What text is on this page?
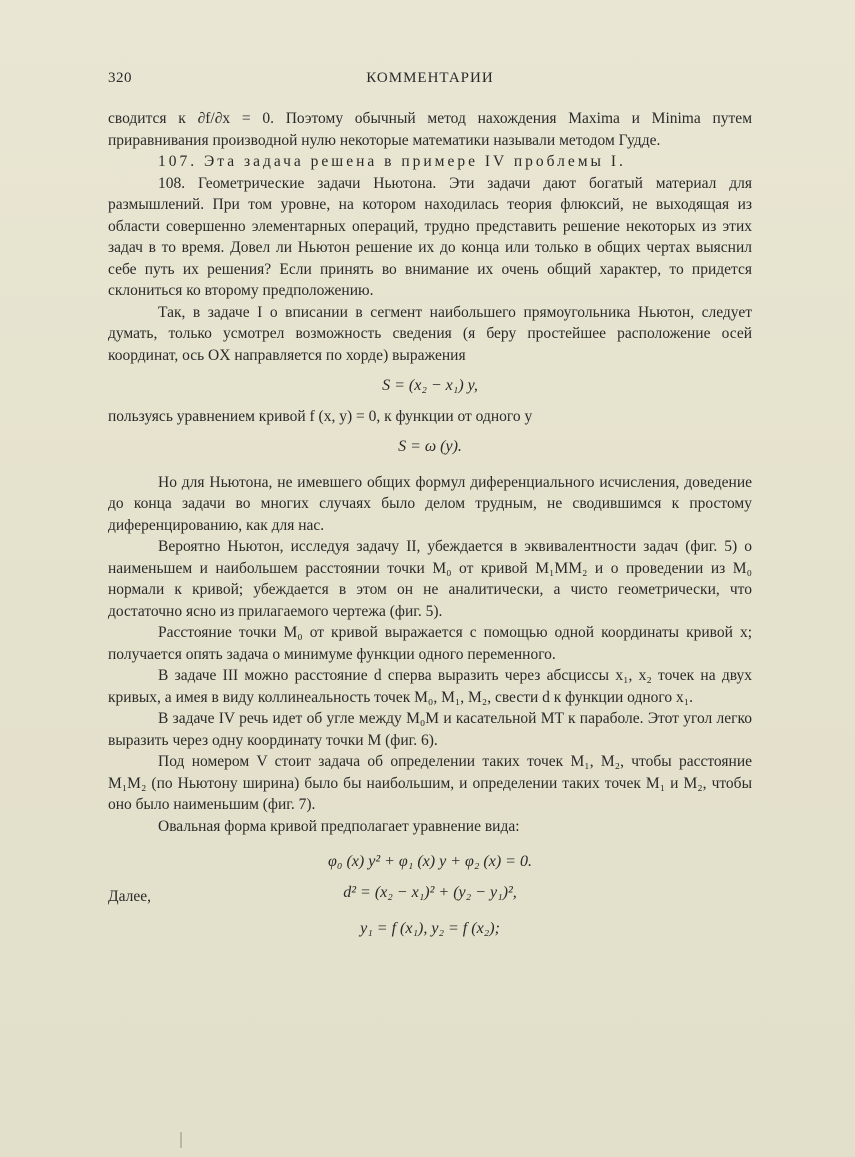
320	КОММЕНТАРИИ

сводится к ∂f/∂x = 0. Поэтому обычный метод нахождения Maxima и Minima путем приравнивания производной нулю некоторые математики называли методом Гудде.

107. Эта задача решена в примере IV проблемы I.

108. Геометрические задачи Ньютона. Эти задачи дают богатый материал для размышлений. При том уровне, на котором находилась теория флюксий, не выходящая из области совершенно элементарных операций, трудно представить решение некоторых из этих задач в то время. Довел ли Ньютон решение их до конца или только в общих чертах выяснил себе путь их решения? Если принять во внимание их очень общий характер, то придется склониться ко второму предположению.

Так, в задаче I о вписании в сегмент наибольшего прямоугольника Ньютон, следует думать, только усмотрел возможность сведения (я беру простейшее расположение осей координат, ось OX направляется по хорде) выражения

S = (x₂ − x₁) y,

пользуясь уравнением кривой f (x, y) = 0, к функции от одного y

S = ω (y).

Но для Ньютона, не имевшего общих формул диференциального исчисления, доведение до конца задачи во многих случаях было делом трудным, не сводившимся к простому диференцированию, как для нас.

Вероятно Ньютон, исследуя задачу II, убеждается в эквивалентности задач (фиг. 5) о наименьшем и наибольшем расстоянии точки M₀ от кривой M₁MM₂ и о проведении из M₀ нормали к кривой; убеждается в этом он не аналитически, а чисто геометрически, что достаточно ясно из прилагаемого чертежа (фиг. 5).

Расстояние точки M₀ от кривой выражается с помощью одной координаты кривой x; получается опять задача о минимуме функции одного переменного.

В задаче III можно расстояние d сперва выразить через абсциссы x₁, x₂ точек на двух кривых, а имея в виду коллинеальность точек M₀, M₁, M₂, свести d к функции одного x₁.

В задаче IV речь идет об угле между M₀M и касательной MT к параболе. Этот угол легко выразить через одну координату точки M (фиг. 6).

Под номером V стоит задача об определении таких точек M₁, M₂, чтобы расстояние M₁M₂ (по Ньютону ширина) было бы наибольшим, и определении таких точек M₁ и M₂, чтобы оно было наименьшим (фиг. 7).

Овальная форма кривой предполагает уравнение вида:

φ₀ (x) y² + φ₁ (x) y + φ₂ (x) = 0.
Далее,	d² = (x₂ − x₁)² + (y₂ − y₁)²,
y₁ = f (x₁), y₂ = f (x₂);
